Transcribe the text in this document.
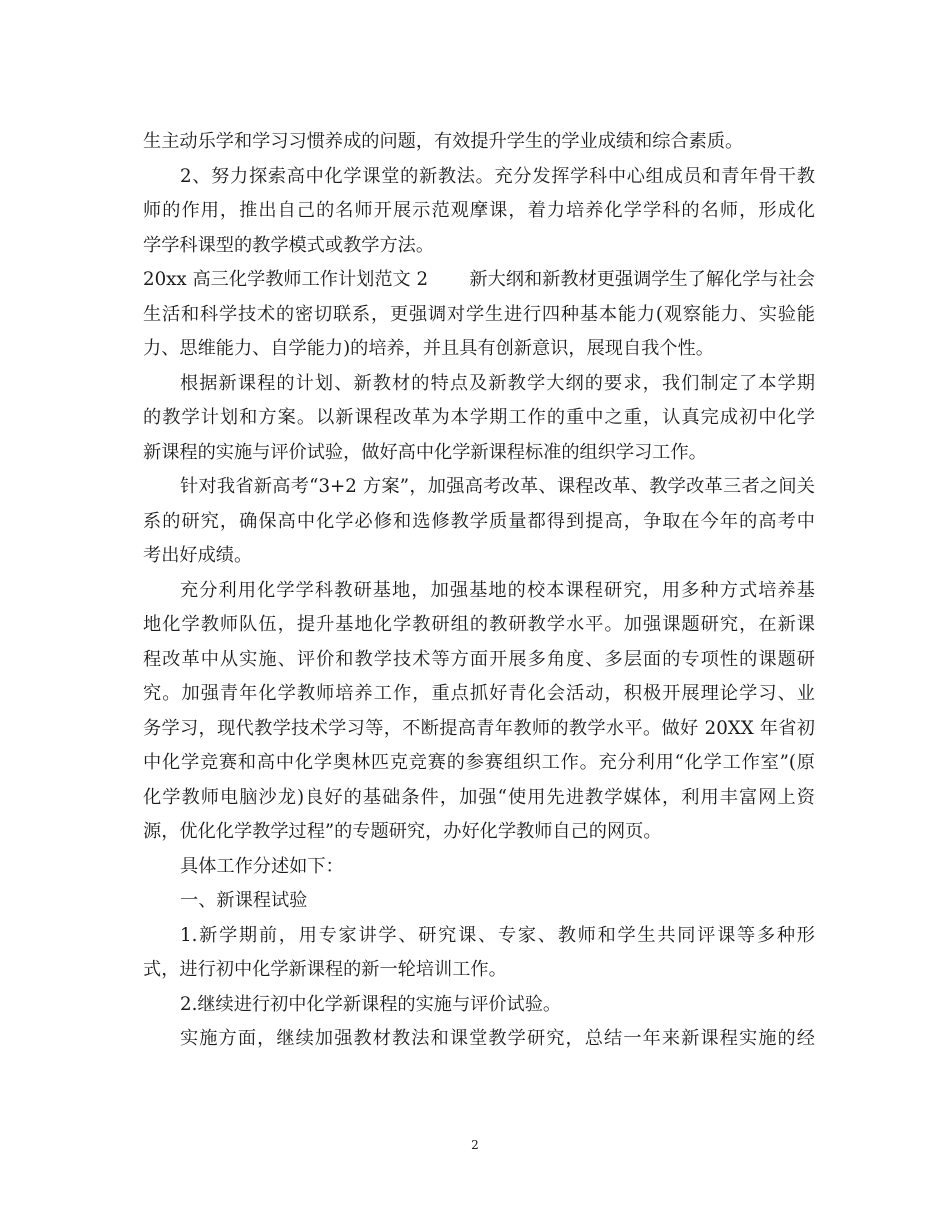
生主动乐学和学习习惯养成的问题，有效提升学生的学业成绩和综合素质。
2、努力探索高中化学课堂的新教法。充分发挥学科中心组成员和青年骨干教
师的作用，推出自己的名师开展示范观摩课，着力培养化学学科的名师，形成化
学学科课型的教学模式或教学方法。
20xx 高三化学教师工作计划范文 2 新大纲和新教材更强调学生了解化学与社会
生活和科学技术的密切联系，更强调对学生进行四种基本能力(观察能力、实验能
力、思维能力、自学能力)的培养，并且具有创新意识，展现自我个性。
根据新课程的计划、新教材的特点及新教学大纲的要求，我们制定了本学期
的教学计划和方案。以新课程改革为本学期工作的重中之重，认真完成初中化学
新课程的实施与评价试验，做好高中化学新课程标准的组织学习工作。
针对我省新高考“3+2 方案”，加强高考改革、课程改革、教学改革三者之间关
系的研究，确保高中化学必修和选修教学质量都得到提高，争取在今年的高考中
考出好成绩。
充分利用化学学科教研基地，加强基地的校本课程研究，用多种方式培养基
地化学教师队伍，提升基地化学教研组的教研教学水平。加强课题研究，在新课
程改革中从实施、评价和教学技术等方面开展多角度、多层面的专项性的课题研
究。加强青年化学教师培养工作，重点抓好青化会活动，积极开展理论学习、业
务学习，现代教学技术学习等，不断提高青年教师的教学水平。做好 20XX 年省初
中化学竞赛和高中化学奥林匹克竞赛的参赛组织工作。充分利用“化学工作室”(原
化学教师电脑沙龙)良好的基础条件，加强“使用先进教学媒体，利用丰富网上资
源，优化化学教学过程”的专题研究，办好化学教师自己的网页。
具体工作分述如下：
一、新课程试验
1.新学期前，用专家讲学、研究课、专家、教师和学生共同评课等多种形
式，进行初中化学新课程的新一轮培训工作。
2.继续进行初中化学新课程的实施与评价试验。
实施方面，继续加强教材教法和课堂教学研究，总结一年来新课程实施的经
2
